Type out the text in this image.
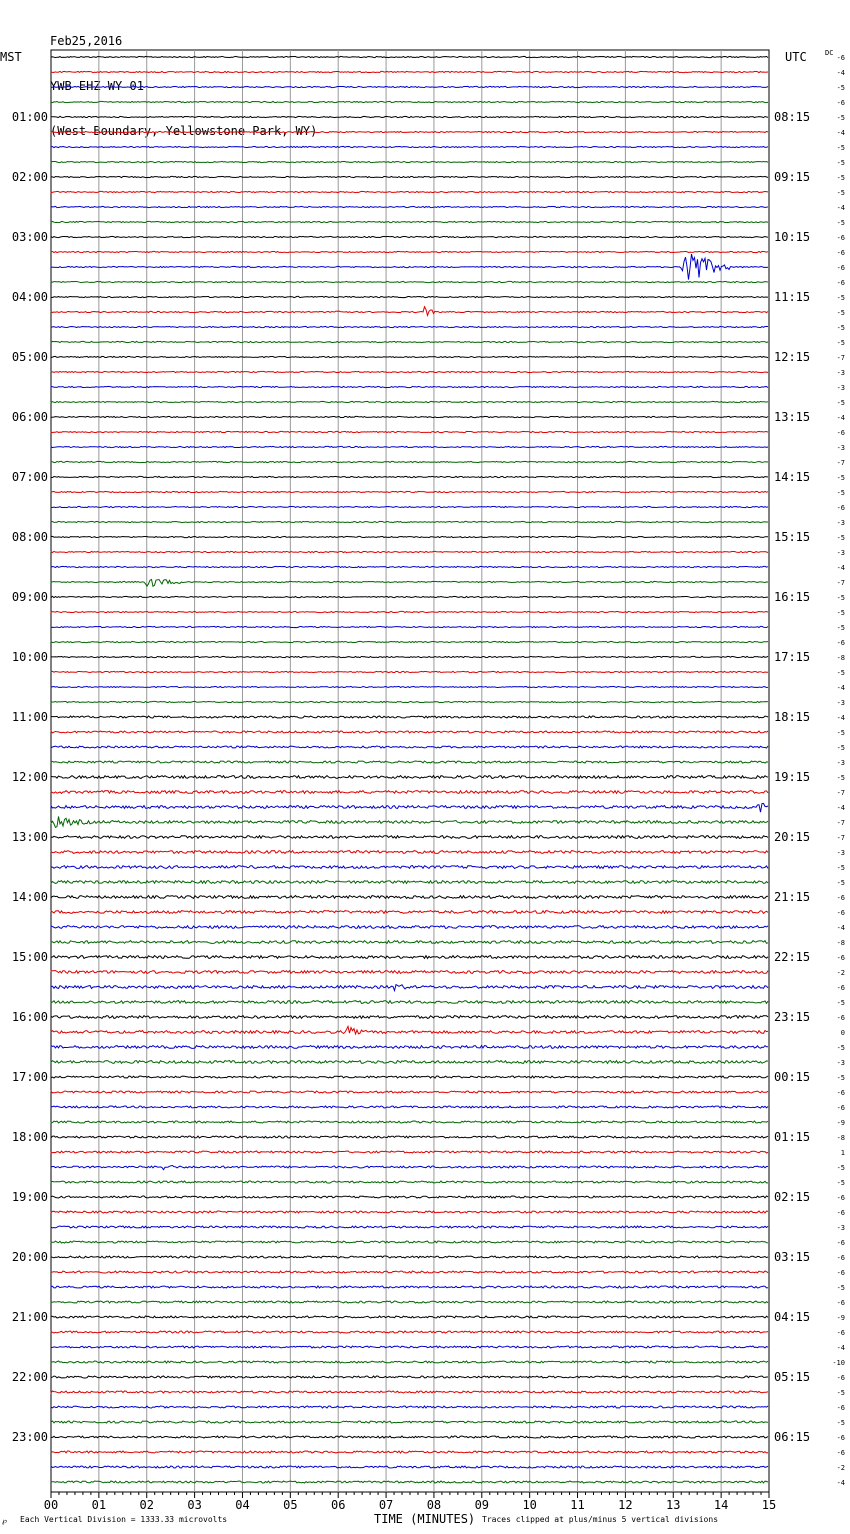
Feb25,2016

YWB EHZ WY 01

(West Boundary, Yellowstone Park, WY)

MST	UTC	DC
01:00
02:00
03:00
04:00
05:00
06:00
07:00
08:00
09:00
10:00
11:00
12:00
13:00
14:00
15:00
16:00
17:00
18:00
19:00
20:00
21:00
22:00
23:00
08:15
09:15
10:15
11:15
12:15
13:15
14:15
15:15
16:15
17:15
18:15
19:15
20:15
21:15
22:15
23:15
00:15
01:15
02:15
03:15
04:15
05:15
06:15
-6
-4
-5
-6
-5
-4
-5
-5
-5
-5
-4
-5
-6
-6
-6
-6
-5
-5
-5
-5
-7
-3
-3
-5
-4
-6
-3
-7
-5
-5
-6
-3
-5
-3
-4
-7
-5
-5
-5
-6
-8
-5
-4
-3
-4
-5
-5
-3
-5
-7
-4
-7
-7
-3
-5
-5
-6
-6
-4
-8
-6
-2
-6
-5
-6
0
-5
-3
-5
-6
-6
-9
-8
1
-5
-5
-6
-6
-3
-6
-6
-6
-5
-6
-9
-6
-4
-10
-6
-5
-6
-5
-6
-6
-2
-4
00	01	02	03	04	05	06	07	08	09	10	11	12	13	14	15
℘ Each Vertical Division = 1333.33 microvolts	TIME (MINUTES) Traces clipped at plus/minus 5 vertical divisions
